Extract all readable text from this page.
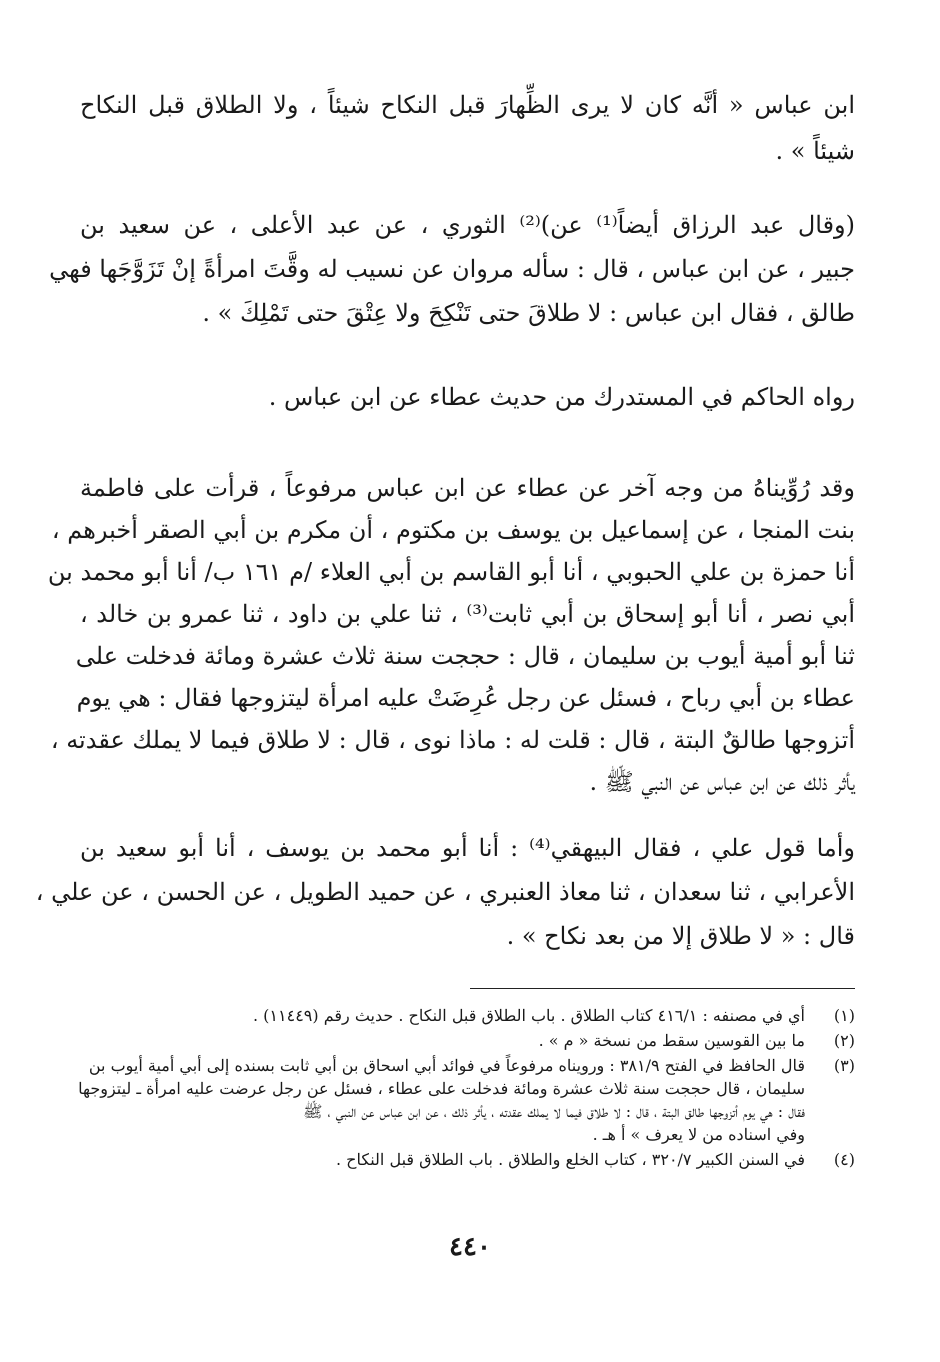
ابن عباس « أنَّه كان لا يرى الظِّهارَ قبل النكاح شيئاً ، ولا الطلاق قبل النكاح
شيئاً » .
(وقال عبد الرزاق أيضاً⁽¹⁾ عن)⁽²⁾ الثوري ، عن عبد الأعلى ، عن سعيد بن
جبير ، عن ابن عباس ، قال : سأله مروان عن نسيب له وقَّتَ امرأةً إنْ تَزَوَّجَها فهي
طالق ، فقال ابن عباس : لا طلاقَ حتى تَنْكِحَ ولا عِتْقَ حتى تَمْلِكَ » .
رواه الحاكم في المستدرك من حديث عطاء عن ابن عباس .
وقد رُوِّيناهُ من وجه آخر عن عطاء عن ابن عباس مرفوعاً ، قرأت على فاطمة
بنت المنجا ، عن إسماعيل بن يوسف بن مكتوم ، أن مكرم بن أبي الصقر أخبرهم ،
أنا حمزة بن علي الحبوبي ، أنا أبو القاسم بن أبي العلاء /م ١٦١ ب/ أنا أبو محمد بن
أبي نصر ، أنا أبو إسحاق بن أبي ثابت⁽³⁾ ، ثنا علي بن داود ، ثنا عمرو بن خالد ،
ثنا أبو أمية أيوب بن سليمان ، قال : حججت سنة ثلاث عشرة ومائة فدخلت على
عطاء بن أبي رباح ، فسئل عن رجل عُرِضَتْ عليه امرأة ليتزوجها فقال : هي يوم
أتزوجها طالقٌ البتة ، قال : قلت له : ماذا نوى ، قال : لا طلاق فيما لا يملك عقدته ،
يأثر ذلك عن ابن عباس عن النبي ﷺ .
وأما قول علي ، فقال البيهقي⁽⁴⁾ : أنا أبو محمد بن يوسف ، أنا أبو سعيد بن
الأعرابي ، ثنا سعدان ، ثنا معاذ العنبري ، عن حميد الطويل ، عن الحسن ، عن علي ،
قال : « لا طلاق إلا من بعد نكاح » .
(١)
أي في مصنفه : ٤١٦/١ كتاب الطلاق . باب الطلاق قبل النكاح . حديث رقم (١١٤٤٩) .
(٢)
ما بين القوسين سقط من نسخة « م » .
(٣)
قال الحافظ في الفتح ٣٨١/٩ : ورويناه مرفوعاً في فوائد أبي اسحاق بن أبي ثابت بسنده إلى أبي أمية أيوب بن
سليمان ، قال حججت سنة ثلاث عشرة ومائة فدخلت على عطاء ، فسئل عن رجل عرضت عليه امرأة ـ ليتزوجها
فقال : هي يوم أتزوجها طالق البتة ، قال : لا طلاق فيما لا يملك عقدته ، يأثر ذلك ، عن ابن عباس عن النبي ، ﷺ
وفي اسناده من لا يعرف » أ هـ .
(٤)
في السنن الكبير ٣٢٠/٧ ، كتاب الخلع والطلاق . باب الطلاق قبل النكاح .
٤٤٠
